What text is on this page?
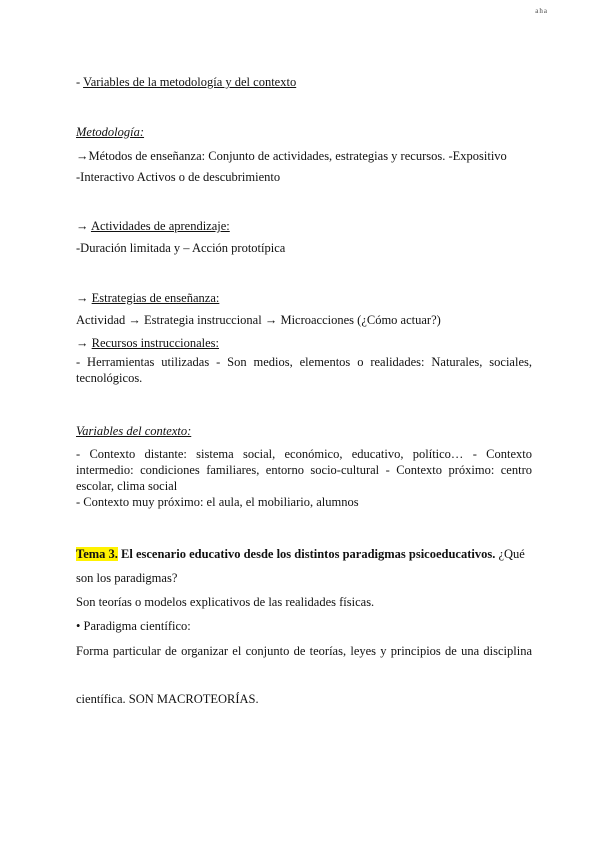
aha
- Variables de la metodología y del contexto
Metodología:
→Métodos de enseñanza: Conjunto de actividades, estrategias y recursos. -Expositivo
-Interactivo Activos o de descubrimiento
→ Actividades de aprendizaje:
-Duración limitada y – Acción prototípica
→ Estrategias de enseñanza:
Actividad → Estrategia instruccional → Microacciones (¿Cómo actuar?)
→ Recursos instruccionales:
- Herramientas utilizadas - Son medios, elementos o realidades: Naturales, sociales, tecnológicos.
Variables del contexto:
- Contexto distante: sistema social, económico, educativo, político… - Contexto intermedio: condiciones familiares, entorno socio-cultural - Contexto próximo: centro escolar, clima social
- Contexto muy próximo: el aula, el mobiliario, alumnos
Tema 3. El escenario educativo desde los distintos paradigmas psicoeducativos. ¿Qué
son los paradigmas?
Son teorías o modelos explicativos de las realidades físicas.
• Paradigma científico:
Forma particular de organizar el conjunto de teorías, leyes y principios de una disciplina
científica. SON MACROTEORÍAS.
